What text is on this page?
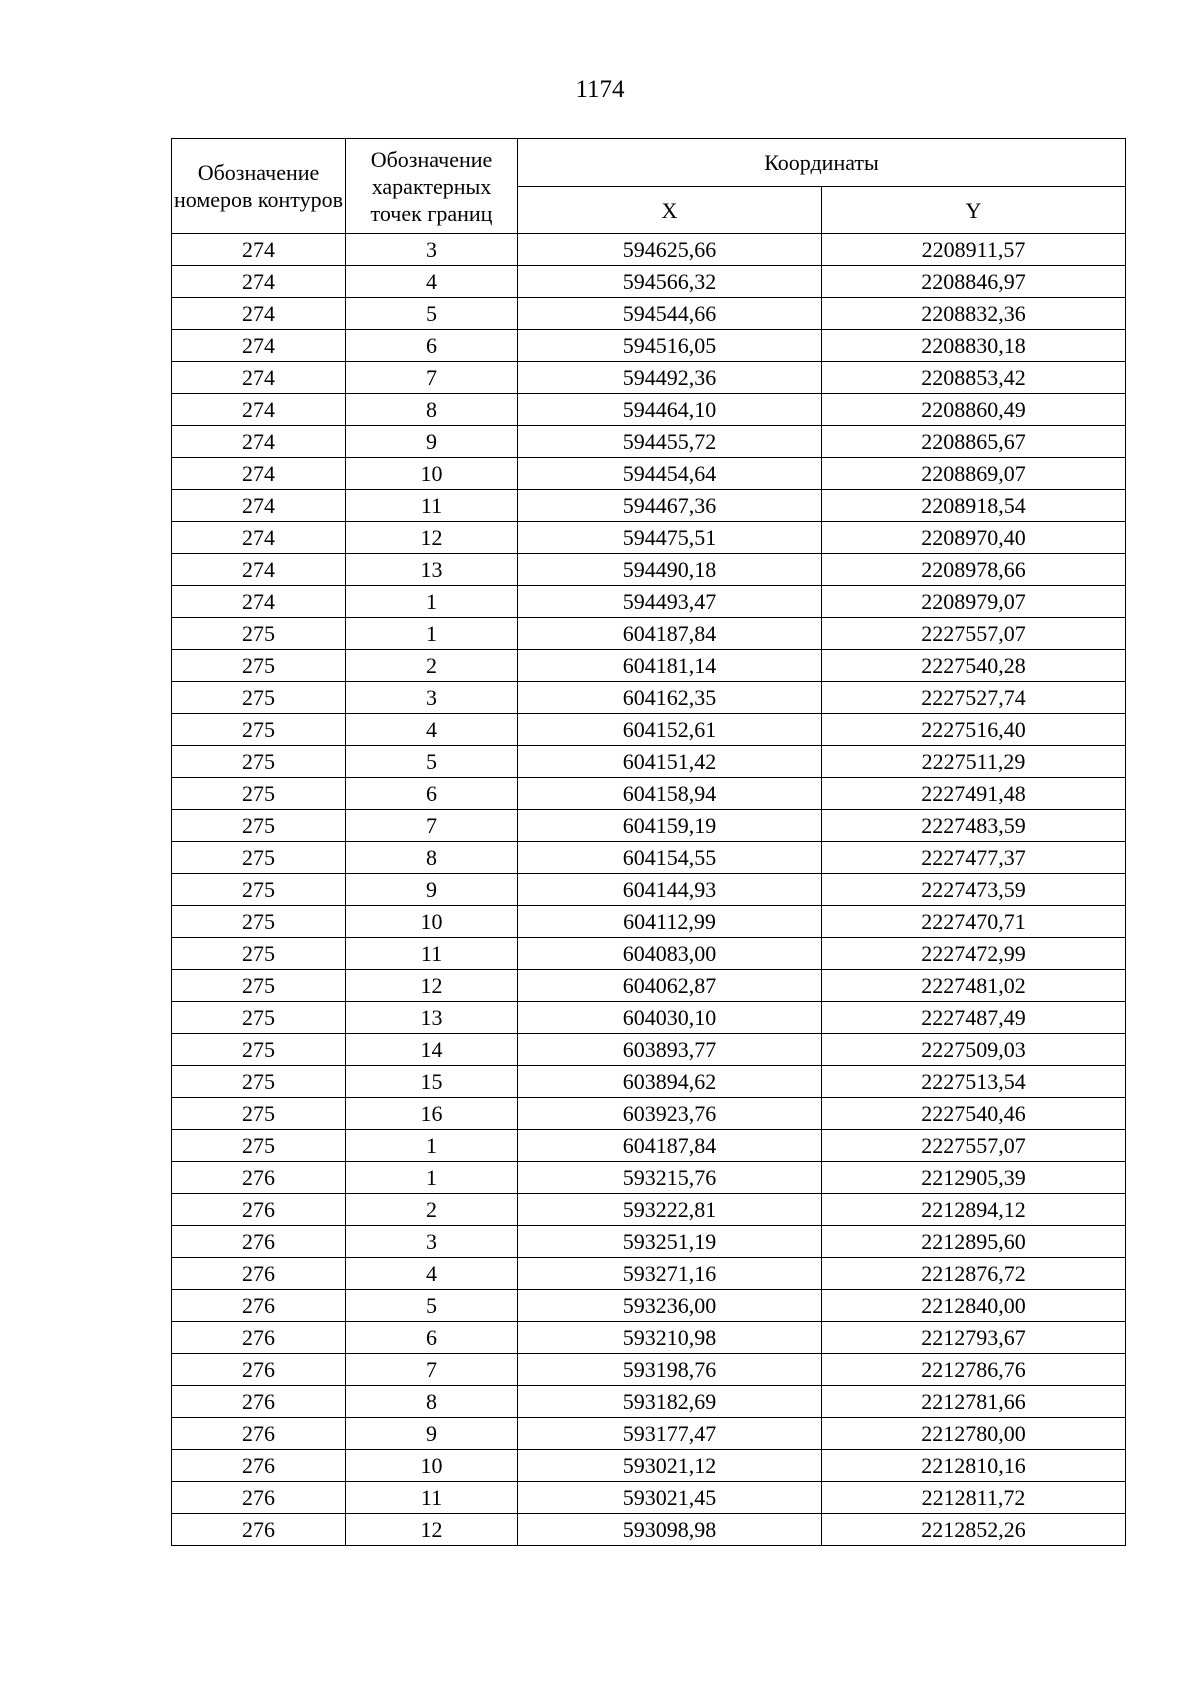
1174
Обозначение номеров контуров	Обозначение характерных точек границ	Координаты	
		X	Y
274	3	594625,66	2208911,57
274	4	594566,32	2208846,97
274	5	594544,66	2208832,36
274	6	594516,05	2208830,18
274	7	594492,36	2208853,42
274	8	594464,10	2208860,49
274	9	594455,72	2208865,67
274	10	594454,64	2208869,07
274	11	594467,36	2208918,54
274	12	594475,51	2208970,40
274	13	594490,18	2208978,66
274	1	594493,47	2208979,07
275	1	604187,84	2227557,07
275	2	604181,14	2227540,28
275	3	604162,35	2227527,74
275	4	604152,61	2227516,40
275	5	604151,42	2227511,29
275	6	604158,94	2227491,48
275	7	604159,19	2227483,59
275	8	604154,55	2227477,37
275	9	604144,93	2227473,59
275	10	604112,99	2227470,71
275	11	604083,00	2227472,99
275	12	604062,87	2227481,02
275	13	604030,10	2227487,49
275	14	603893,77	2227509,03
275	15	603894,62	2227513,54
275	16	603923,76	2227540,46
275	1	604187,84	2227557,07
276	1	593215,76	2212905,39
276	2	593222,81	2212894,12
276	3	593251,19	2212895,60
276	4	593271,16	2212876,72
276	5	593236,00	2212840,00
276	6	593210,98	2212793,67
276	7	593198,76	2212786,76
276	8	593182,69	2212781,66
276	9	593177,47	2212780,00
276	10	593021,12	2212810,16
276	11	593021,45	2212811,72
276	12	593098,98	2212852,26
